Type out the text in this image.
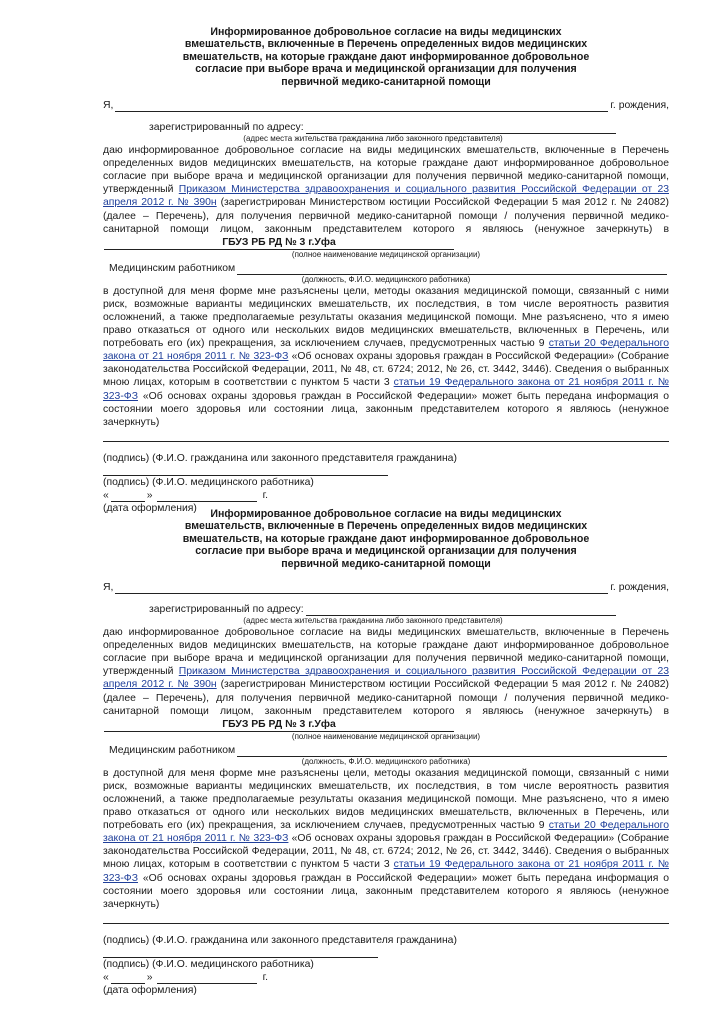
Информированное добровольное согласие на виды медицинских вмешательств, включенные в Перечень определенных видов медицинских вмешательств, на которые граждане дают информированное добровольное согласие при выборе врача и медицинской организации для получения первичной медико-санитарной помощи
Я,	г. рождения,
зарегистрированный по адресу:
(адрес места жительства гражданина либо законного представителя)
даю информированное добровольное согласие на виды медицинских вмешательств, включенные в Перечень определенных видов медицинских вмешательств, на которые граждане дают информированное добровольное согласие при выборе врача и медицинской организации для получения первичной медико-санитарной помощи, утвержденный Приказом Министерства здравоохранения и социального развития Российской Федерации от 23 апреля 2012 г. № 390н (зарегистрирован Министерством юстиции Российской Федерации 5 мая 2012 г. № 24082) (далее – Перечень), для получения первичной медико-санитарной помощи / получения первичной медико-санитарной помощи лицом, законным представителем которого я являюсь (ненужное зачеркнуть) вГБУЗ РБ РД № 3 г.Уфа
(полное наименование медицинской организации)
Медицинским работником
(должность, Ф.И.О. медицинского работника)
в доступной для меня форме мне разъяснены цели, методы оказания медицинской помощи, связанный с ними риск, возможные варианты медицинских вмешательств, их последствия, в том числе вероятность развития осложнений, а также предполагаемые результаты оказания медицинской помощи. Мне разъяснено, что я имею право отказаться от одного или нескольких видов медицинских вмешательств, включенных в Перечень, или потребовать его (их) прекращения, за исключением случаев, предусмотренных частью 9 статьи 20 Федерального закона от 21 ноября 2011 г. № 323-ФЗ «Об основах охраны здоровья граждан в Российской Федерации» (Собрание законодательства Российской Федерации, 2011, № 48, ст. 6724; 2012, № 26, ст. 3442, 3446). Сведения о выбранных мною лицах, которым в соответствии с пунктом 5 части 3 статьи 19 Федерального закона от 21 ноября 2011 г. № 323-ФЗ «Об основах охраны здоровья граждан в Российской Федерации» может быть передана информация о состоянии моего здоровья или состоянии лица, законным представителем которого я являюсь (ненужное зачеркнуть)
(подпись) (Ф.И.О. гражданина или законного представителя гражданина)
(подпись) (Ф.И.О. медицинского работника)
«	»	г.
(дата оформления)	Информированное добровольное согласие на виды медицинских вмешательств, включенные в Перечень определенных видов медицинских вмешательств, на которые граждане дают информированное добровольное согласие при выборе врача и медицинской организации для получения первичной медико-санитарной помощи
Я,	г. рождения,
зарегистрированный по адресу:
(адрес места жительства гражданина либо законного представителя)
даю информированное добровольное согласие на виды медицинских вмешательств, включенные в Перечень определенных видов медицинских вмешательств, на которые граждане дают информированное добровольное согласие при выборе врача и медицинской организации для получения первичной медико-санитарной помощи, утвержденный Приказом Министерства здравоохранения и социального развития Российской Федерации от 23 апреля 2012 г. № 390н (зарегистрирован Министерством юстиции Российской Федерации 5 мая 2012 г. № 24082) (далее – Перечень), для получения первичной медико-санитарной помощи / получения первичной медико-санитарной помощи лицом, законным представителем которого я являюсь (ненужное зачеркнуть) вГБУЗ РБ РД № 3 г.Уфа
(полное наименование медицинской организации)
Медицинским работником
(должность, Ф.И.О. медицинского работника)
в доступной для меня форме мне разъяснены цели, методы оказания медицинской помощи, связанный с ними риск, возможные варианты медицинских вмешательств, их последствия, в том числе вероятность развития осложнений, а также предполагаемые результаты оказания медицинской помощи. Мне разъяснено, что я имею право отказаться от одного или нескольких видов медицинских вмешательств, включенных в Перечень, или потребовать его (их) прекращения, за исключением случаев, предусмотренных частью 9 статьи 20 Федерального закона от 21 ноября 2011 г. № 323-ФЗ «Об основах охраны здоровья граждан в Российской Федерации» (Собрание законодательства Российской Федерации, 2011, № 48, ст. 6724; 2012, № 26, ст. 3442, 3446). Сведения о выбранных мною лицах, которым в соответствии с пунктом 5 части 3 статьи 19 Федерального закона от 21 ноября 2011 г. № 323-ФЗ «Об основах охраны здоровья граждан в Российской Федерации» может быть передана информация о состоянии моего здоровья или состоянии лица, законным представителем которого я являюсь (ненужное зачеркнуть)
(подпись) (Ф.И.О. гражданина или законного представителя гражданина)
(подпись) (Ф.И.О. медицинского работника)
«	»	г.
(дата оформления)
